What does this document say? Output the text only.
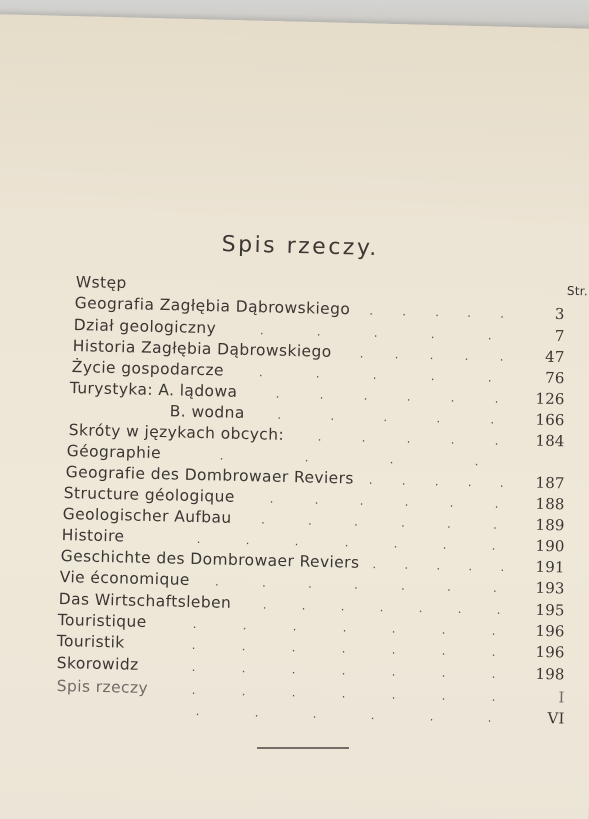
Spis rzeczy.
Wstęp	Str.
Geografia Zagłębia Dąbrowskiego . . . . .	3
Dział geologiczny	.	.	.	.	.	7
Historia Zagłębia Dąbrowskiego .	.	.	.	.	47
Życie gospodarcze	.	.	.	.	.	76
Turystyka: A. lądowa	.	.	.	.	.	. 126
B. wodna	.	.	.	.	.	166
Skróty w językach obcych:	.	.	.	.	. 184
Géographie	.	.	.	.
Geografie des Dombrowaer Reviers . . . . . 187
Structure géologique	.	.	.	.	.	. 188
Geologischer Aufbau .	.	.	.	.	.	189
Histoire	.	.	.	.	.	.	.	190
Geschichte des Dombrowaer Reviers . . . . . 191
Vie économique .	.	.	.	.	.	.	193
Das Wirtschaftsleben	.	.	.	.	.	.	. 195
Touristique	.	.	.	.	.	.	.	196
Touristik	.	.	.	.	.	.	.	196
Skorowidz	.	.	.	.	.	.	.	198
Spis rzeczy	.	.	.	.	.	.	.	I
.	.	.	.	.	.	VI
